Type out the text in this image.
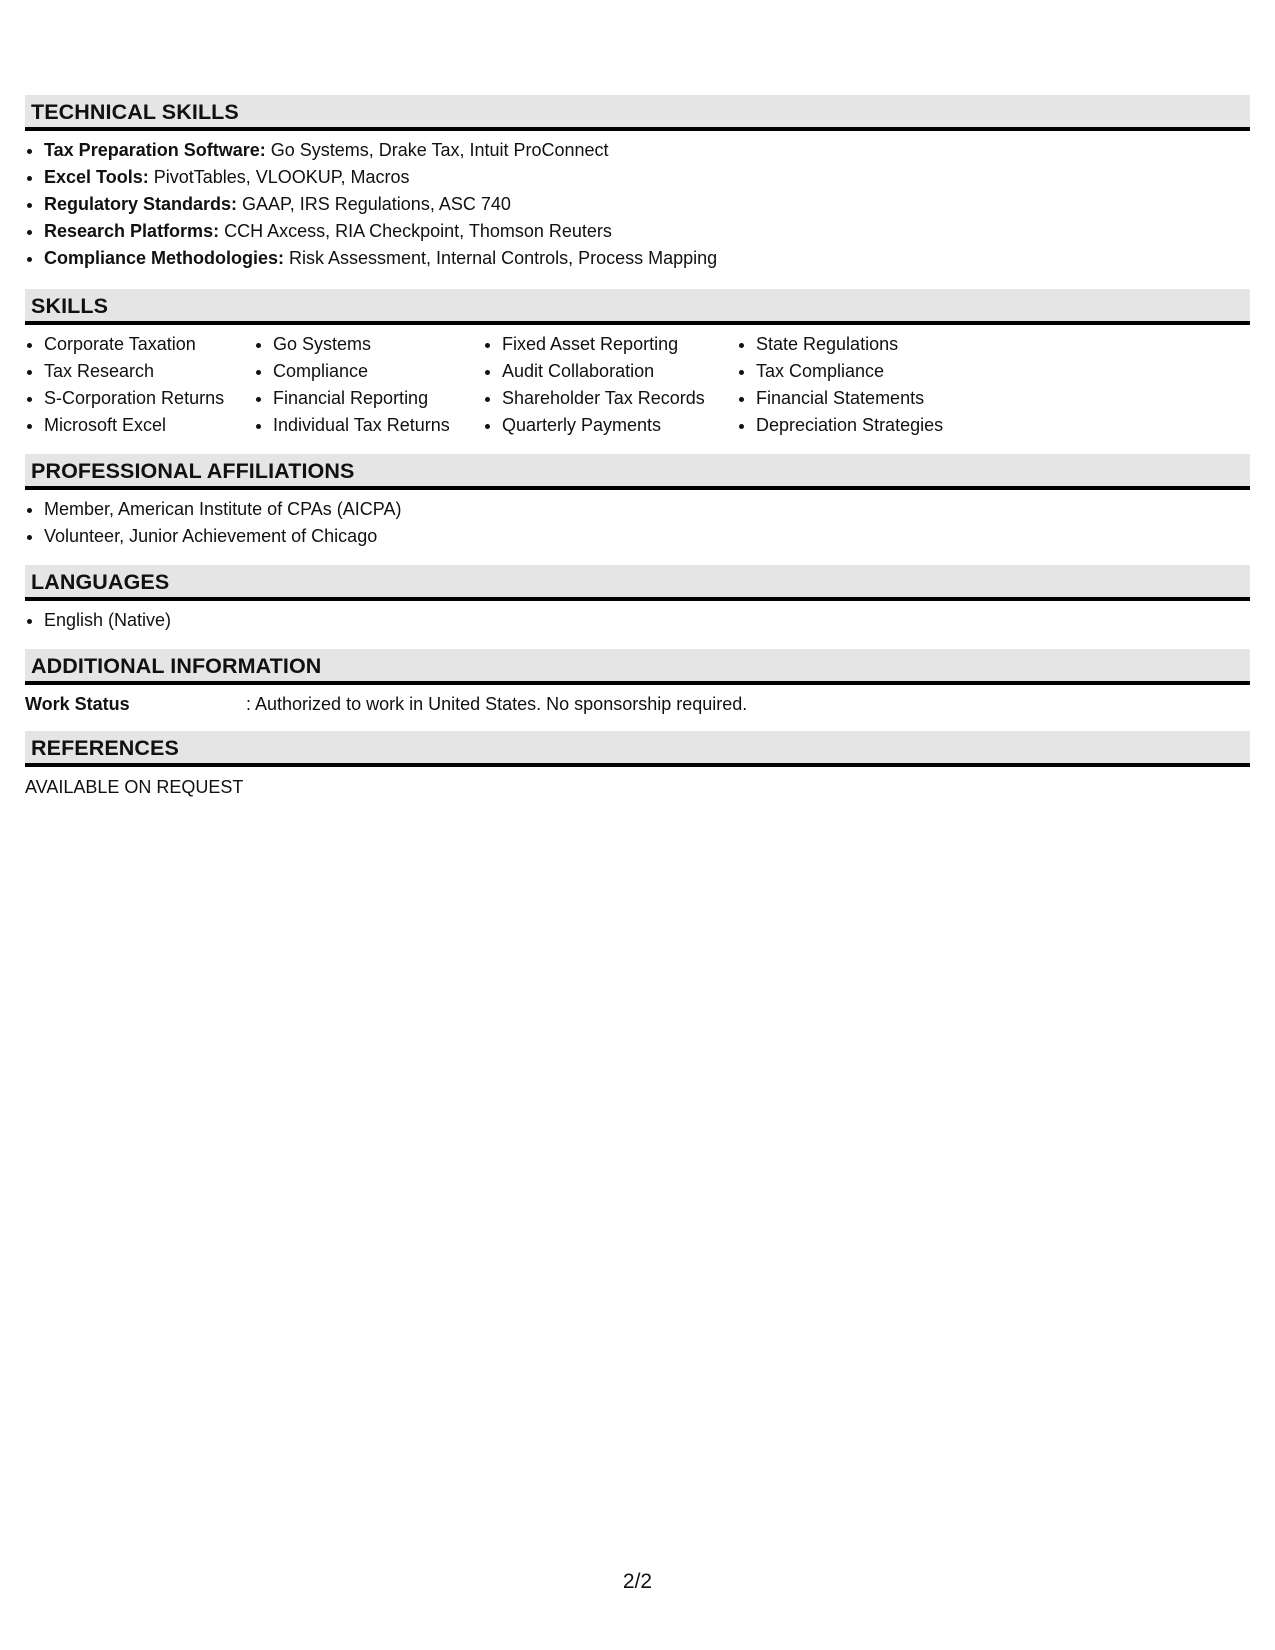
TECHNICAL SKILLS
• Tax Preparation Software: Go Systems, Drake Tax, Intuit ProConnect
• Excel Tools: PivotTables, VLOOKUP, Macros
• Regulatory Standards: GAAP, IRS Regulations, ASC 740
• Research Platforms: CCH Axcess, RIA Checkpoint, Thomson Reuters
• Compliance Methodologies: Risk Assessment, Internal Controls, Process Mapping
SKILLS
• Corporate Taxation
• Tax Research
• S-Corporation Returns
• Microsoft Excel
• Go Systems
• Compliance
• Financial Reporting
• Individual Tax Returns
• Fixed Asset Reporting
• Audit Collaboration
• Shareholder Tax Records
• Quarterly Payments
• State Regulations
• Tax Compliance
• Financial Statements
• Depreciation Strategies
PROFESSIONAL AFFILIATIONS
• Member, American Institute of CPAs (AICPA)
• Volunteer, Junior Achievement of Chicago
LANGUAGES
• English (Native)
ADDITIONAL INFORMATION
Work Status	: Authorized to work in United States. No sponsorship required.
REFERENCES
AVAILABLE ON REQUEST
2/2
